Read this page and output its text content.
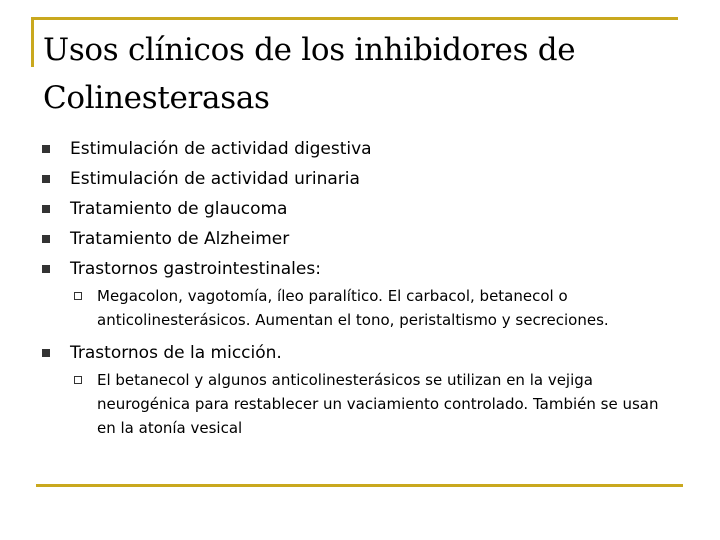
Usos clínicos de los inhibidores de
Colinesterasas
Estimulación de actividad digestiva
Estimulación de actividad urinaria
Tratamiento de glaucoma
Tratamiento de Alzheimer
Trastornos gastrointestinales:
Megacolon, vagotomía, íleo paralítico. El carbacol, betanecol o anticolinesterásicos. Aumentan el tono, peristaltismo y secreciones.
Trastornos de la micción.
El betanecol y algunos anticolinesterásicos se utilizan en la vejiga neurogénica para restablecer un vaciamiento controlado. También se usan en la atonía vesical
